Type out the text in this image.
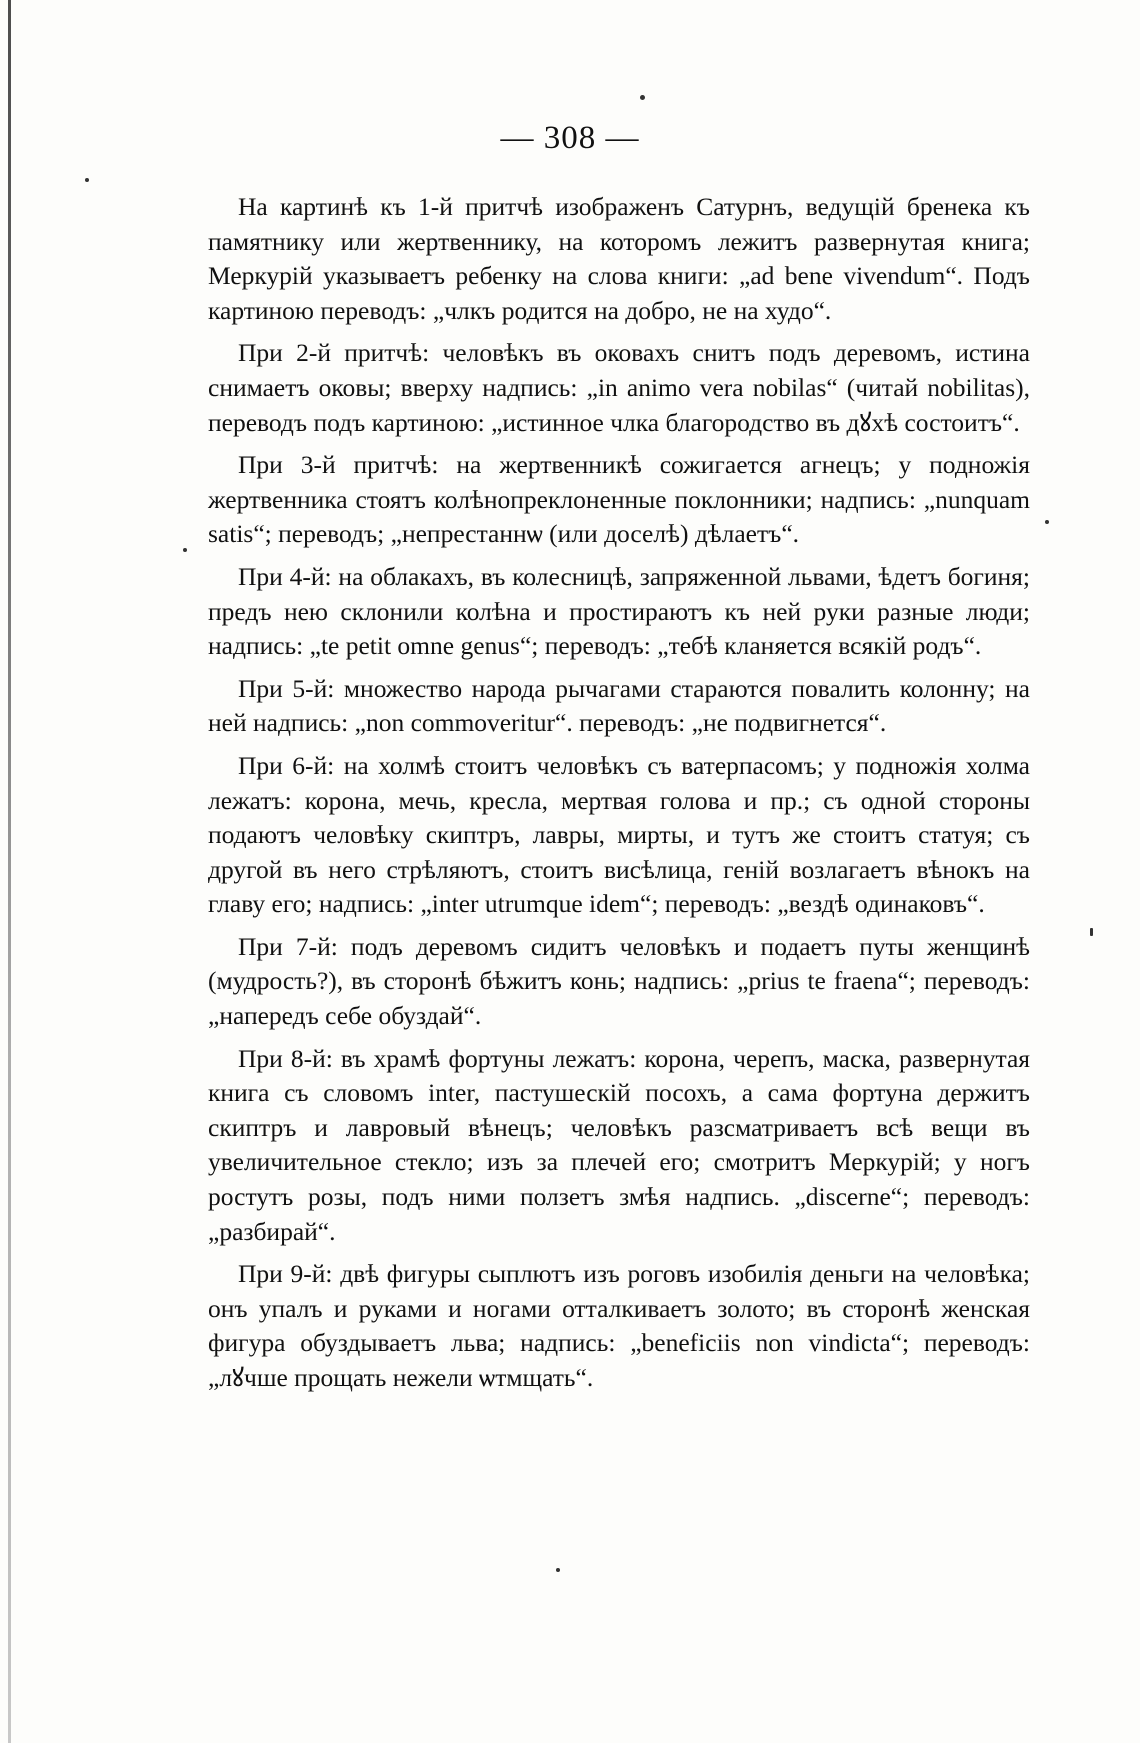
— 308 —

На картинѣ къ 1-й притчѣ изображенъ Сатурнъ, ведущій бренека къ памятнику или жертвеннику, на которомъ лежитъ развернутая книга; Меркурій указываетъ ребенку на слова книги: „ad bene vivendum“. Подъ картиною переводъ: „члкъ родится на добро, не на худо“.

При 2-й притчѣ: человѣкъ въ оковахъ снитъ подъ деревомъ, истина снимаетъ оковы; вверху надпись: „in animo vera nobilas“ (читай nobilitas), переводъ подъ картиною: „истинное члка благородство въ дꙋхѣ состоитъ“.

При 3-й притчѣ: на жертвенникѣ сожигается агнецъ; у подножія жертвенника стоятъ колѣнопреклоненные поклонники; надпись: „nunquam satis“; переводъ; „непрестаннѡ (или доселѣ) дѣлаетъ“.

При 4-й: на облакахъ, въ колесницѣ, запряженной львами, ѣдетъ богиня; предъ нею склонили колѣна и простираютъ къ ней руки разные люди; надпись: „te petit omne genus“; переводъ: „тебѣ кланяется всякій родъ“.

При 5-й: множество народа рычагами стараются повалить колонну; на ней надпись: „non commoveritur“. переводъ: „не подвигнется“.

При 6-й: на холмѣ стоитъ человѣкъ съ ватерпасомъ; у подножія холма лежатъ: корона, мечь, кресла, мертвая голова и пр.; съ одной стороны подаютъ человѣку скиптръ, лавры, мирты, и тутъ же стоитъ статуя; съ другой въ него стрѣляютъ, стоитъ висѣлица, геній возлагаетъ вѣнокъ на главу его; надпись: „inter utrumque idem“; переводъ: „вездѣ одинаковъ“.

При 7-й: подъ деревомъ сидитъ человѣкъ и подаетъ путы женщинѣ (мудрость?), въ сторонѣ бѣжитъ конь; надпись: „prius te fraena“; переводъ: „напередъ себе обуздай“.

При 8-й: въ храмѣ фортуны лежатъ: корона, черепъ, маска, развернутая книга съ словомъ inter, пастушескій посохъ, а сама фортуна держитъ скиптръ и лавровый вѣнецъ; человѣкъ разсматриваетъ всѣ вещи въ увеличительное стекло; изъ за плечей его; смотритъ Меркурій; у ногъ ростутъ розы, подъ ними ползетъ змѣя надпись. „discerne“; переводъ: „разбирай“.

При 9-й: двѣ фигуры сыплютъ изъ роговъ изобилія деньги на человѣка; онъ упалъ и руками и ногами отталкиваетъ золото; въ сторонѣ женская фигура обуздываетъ льва; надпись: „beneficiis non vindicta“; переводъ: „лꙋчше прощать нежели ѡтмщать“.
